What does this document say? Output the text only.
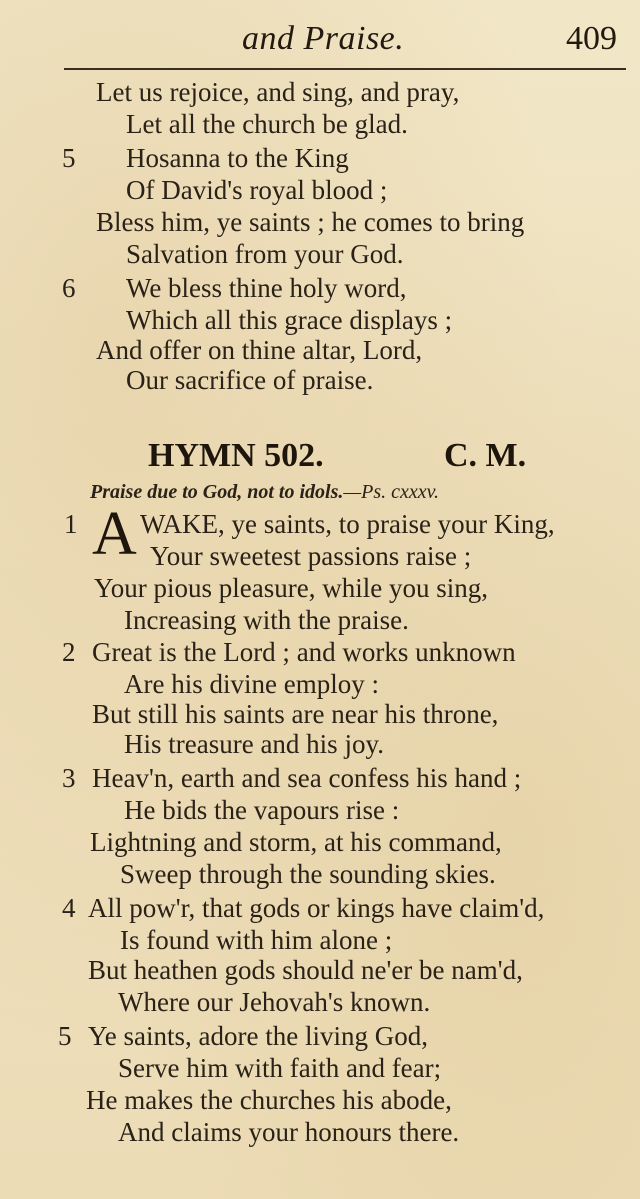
and Praise.	409
Let us rejoice, and sing, and pray,
Let all the church be glad.
5	Hosanna to the King
Of David's royal blood ;
Bless him, ye saints ; he comes to bring
Salvation from your God.
6	We bless thine holy word,
Which all this grace displays ;
And offer on thine altar, Lord,
Our sacrifice of praise.
HYMN 502.	C. M.
Praise due to God, not to idols.—Ps. cxxxv.
1	WAKE, ye saints, to praise your King,
A Your sweetest passions raise ;
Your pious pleasure, while you sing,
Increasing with the praise.
2 Great is the Lord ; and works unknown
Are his divine employ :
But still his saints are near his throne,
His treasure and his joy.
3 Heav'n, earth and sea confess his hand ;
He bids the vapours rise :
Lightning and storm, at his command,
Sweep through the sounding skies.
4 All pow'r, that gods or kings have claim'd,
Is found with him alone ;
But heathen gods should ne'er be nam'd,
Where our Jehovah's known.
5 Ye saints, adore the living God,
Serve him with faith and fear;
He makes the churches his abode,
And claims your honours there.
